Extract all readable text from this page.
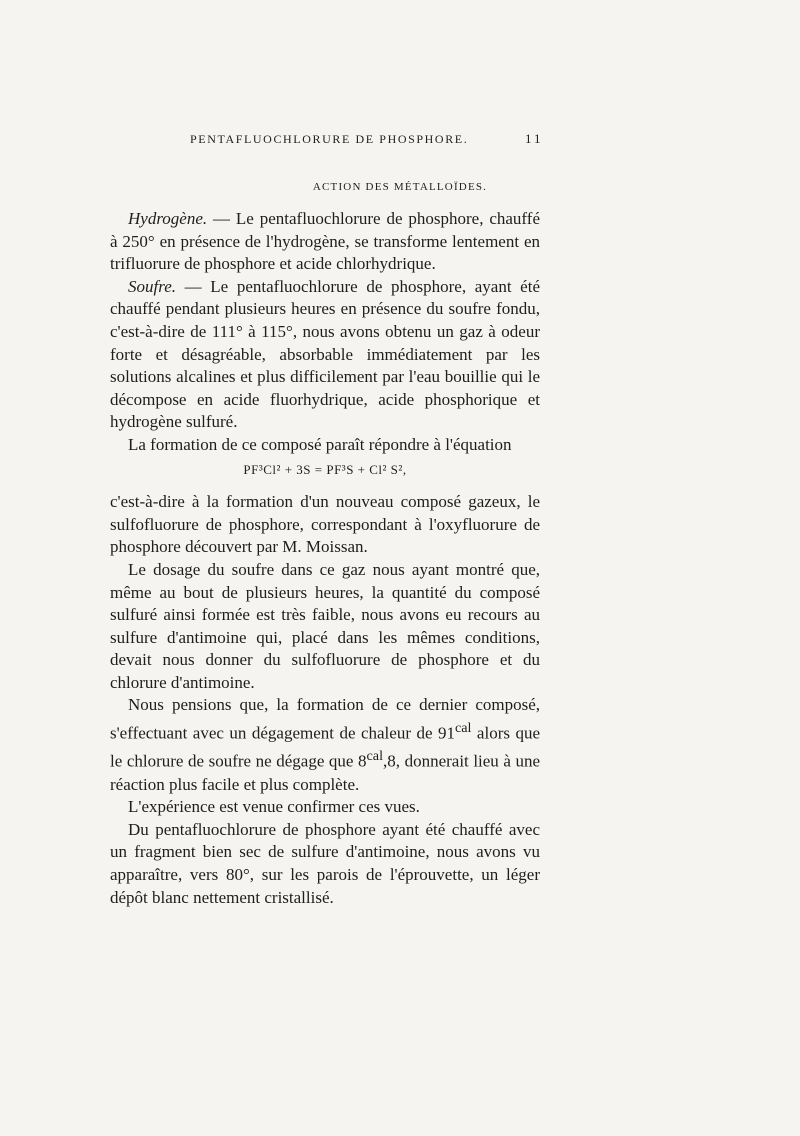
PENTAFLUOCHLORURE DE PHOSPHORE.	11
ACTION DES MÉTALLOÏDES.

Hydrogène. — Le pentafluochlorure de phosphore, chauffé à 250° en présence de l'hydrogène, se transforme lentement en trifluorure de phosphore et acide chlorhydrique.

Soufre. — Le pentafluochlorure de phosphore, ayant été chauffé pendant plusieurs heures en présence du soufre fondu, c'est-à-dire de 111° à 115°, nous avons obtenu un gaz à odeur forte et désagréable, absorbable immédiatement par les solutions alcalines et plus difficilement par l'eau bouillie qui le décompose en acide fluorhydrique, acide phosphorique et hydrogène sulfuré.

La formation de ce composé paraît répondre à l'équation

PF³Cl² + 3S = PF³S + Cl² S²,

c'est-à-dire à la formation d'un nouveau composé gazeux, le sulfofluorure de phosphore, correspondant à l'oxyfluorure de phosphore découvert par M. Moissan.

Le dosage du soufre dans ce gaz nous ayant montré que, même au bout de plusieurs heures, la quantité du composé sulfuré ainsi formée est très faible, nous avons eu recours au sulfure d'antimoine qui, placé dans les mêmes conditions, devait nous donner du sulfofluorure de phosphore et du chlorure d'antimoine.

Nous pensions que, la formation de ce dernier composé, s'effectuant avec un dégagement de chaleur de $91^{cal}$ alors que le chlorure de soufre ne dégage que $8^{cal},8$, donnerait lieu à une réaction plus facile et plus complète.

L'expérience est venue confirmer ces vues.

Du pentafluochlorure de phosphore ayant été chauffé avec un fragment bien sec de sulfure d'antimoine, nous avons vu apparaître, vers 80°, sur les parois de l'éprouvette, un léger dépôt blanc nettement cristallisé.
